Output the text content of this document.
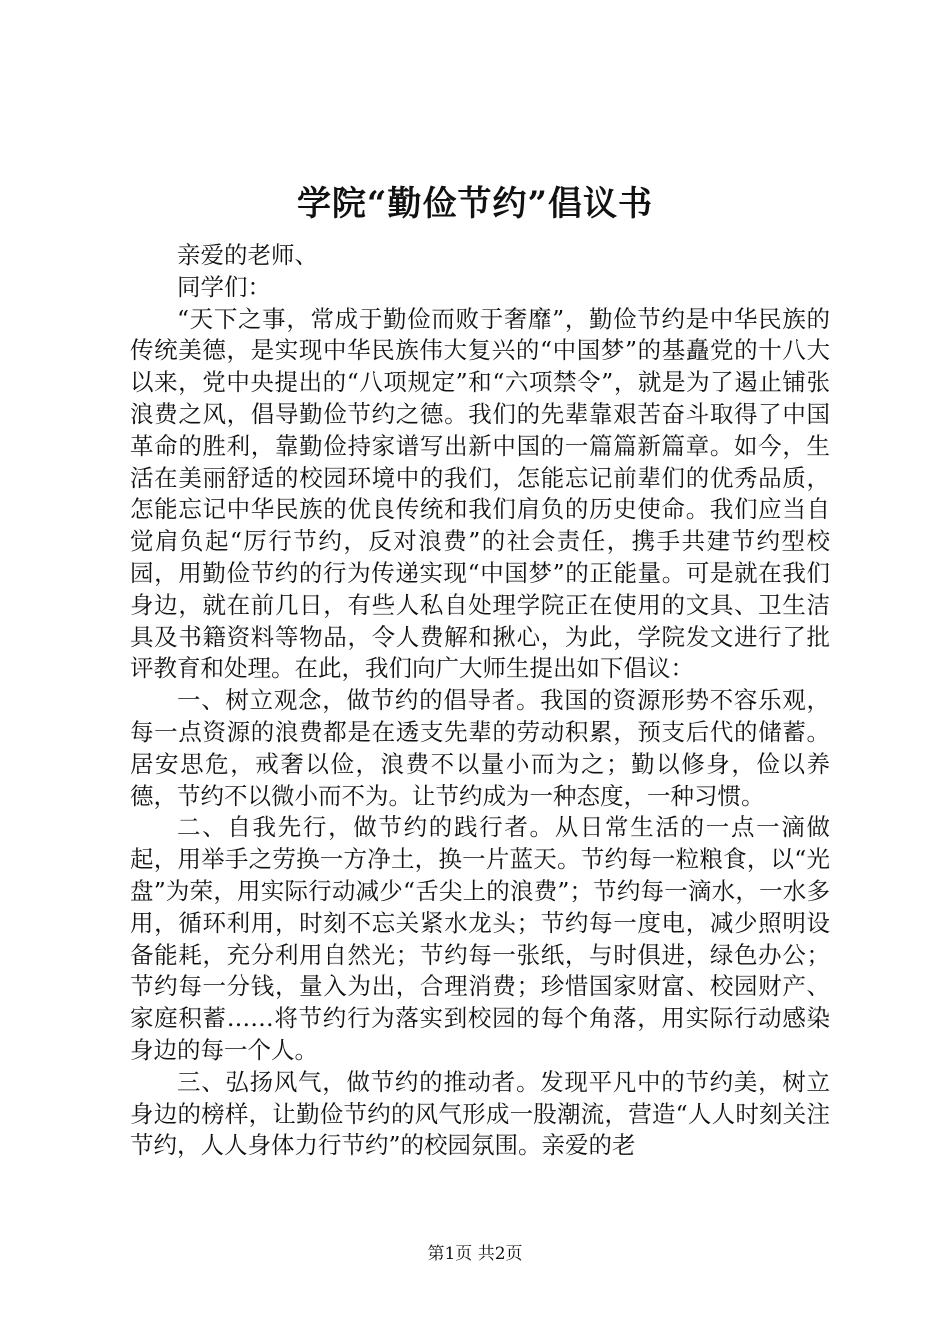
学院“勤俭节约”倡议书

亲爱的老师、

同学们：

“天下之事，常成于勤俭而败于奢靡”，勤俭节约是中华民族的传统美德，是实现中华民族伟大复兴的“中国梦”的基矗党的十八大以来，党中央提出的“八项规定”和“六项禁令”，就是为了遏止铺张浪费之风，倡导勤俭节约之德。我们的先辈靠艰苦奋斗取得了中国革命的胜利，靠勤俭持家谱写出新中国的一篇篇新篇章。如今，生活在美丽舒适的校园环境中的我们，怎能忘记前辈们的优秀品质，怎能忘记中华民族的优良传统和我们肩负的历史使命。我们应当自觉肩负起“厉行节约，反对浪费”的社会责任，携手共建节约型校园，用勤俭节约的行为传递实现“中国梦”的正能量。可是就在我们身边，就在前几日，有些人私自处理学院正在使用的文具、卫生洁具及书籍资料等物品，令人费解和揪心，为此，学院发文进行了批评教育和处理。在此，我们向广大师生提出如下倡议：

一、树立观念，做节约的倡导者。我国的资源形势不容乐观，每一点资源的浪费都是在透支先辈的劳动积累，预支后代的储蓄。居安思危，戒奢以俭，浪费不以量小而为之；勤以修身，俭以养德，节约不以微小而不为。让节约成为一种态度，一种习惯。

二、自我先行，做节约的践行者。从日常生活的一点一滴做起，用举手之劳换一方净土，换一片蓝天。节约每一粒粮食，以“光盘”为荣，用实际行动减少“舌尖上的浪费”；节约每一滴水，一水多用，循环利用，时刻不忘关紧水龙头；节约每一度电，减少照明设备能耗，充分利用自然光；节约每一张纸，与时俱进，绿色办公；节约每一分钱，量入为出，合理消费；珍惜国家财富、校园财产、家庭积蓄……将节约行为落实到校园的每个角落，用实际行动感染身边的每一个人。

三、弘扬风气，做节约的推动者。发现平凡中的节约美，树立身边的榜样，让勤俭节约的风气形成一股潮流，营造“人人时刻关注节约，人人身体力行节约”的校园氛围。亲爱的老

第1页 共2页
